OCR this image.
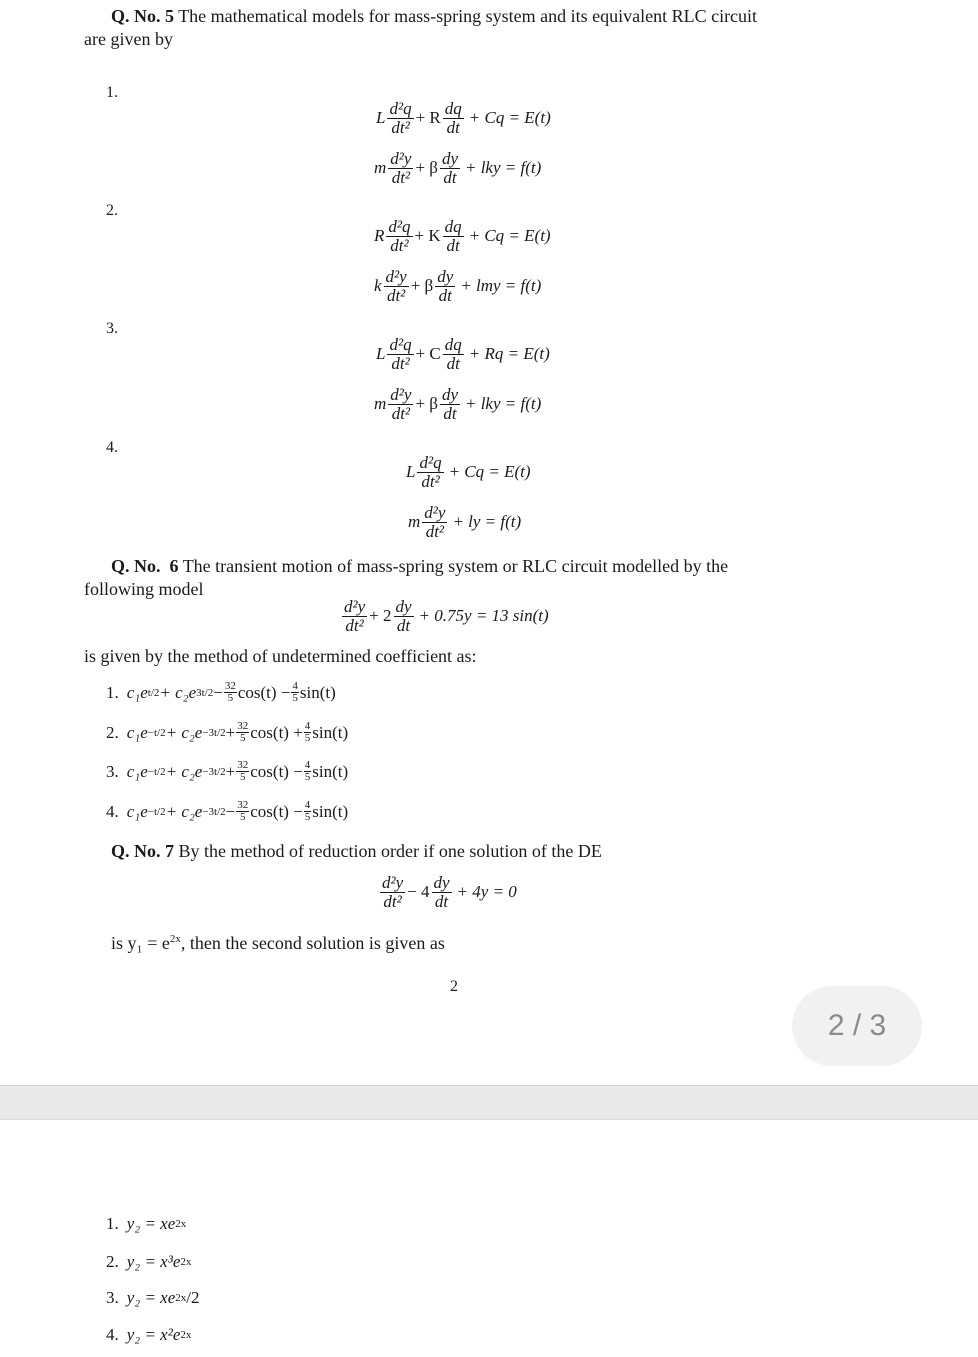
Q. No. 5 The mathematical models for mass-spring system and its equivalent RLC circuit
are given by
1.
L $\frac{\text{d²q}}{\text{dt²}} + R \frac{dq}{dt} + Cq = E(t)$
m $\frac{\text{d²y}}{\text{dt²}} + \beta \frac{dy}{dt}$ + lky = f(t)
2.
R $\frac{\text{d²q}}{\text{dt²}} + K \frac{dq}{dt} + Cq = E(t)$
k $\frac{\text{d²y}}{\text{dt²}} + \beta \frac{dy}{dt}$ + lmy = f(t)
3.
L $\frac{\text{d²q}}{\text{dt²}} + C \frac{dq}{dt} + Rq = E(t)$
m $\frac{\text{d²y}}{\text{dt²}} + \beta \frac{dy}{dt}$ + lky = f(t)
4.
L $\frac{\text{d²q}}{\text{dt²}} + Cq = E(t)$
m $\frac{\text{d²y}}{\text{dt²}}$ + ly = f(t)
Q. No. 6 The transient motion of mass-spring system or RLC circuit modelled by the
following model
$\frac{\text{d²y}}{\text{dt²}} + 2 \frac{dy}{dt} + 0.75y = 13$ sin(t)
is given by the method of undetermined coefficient as:
1. c₁e t/2 + c₂e $3t/2 - \frac{32}{5} \cos(t) - \frac{4}{5} \sin(t)$
2. $c_1e -t/2 + c_2e -3t/2 + \frac{32}{5} \cos(t) + \frac{4}{5} \sin(t)$
3. $c_1e -t/2 + c_2e -3t/2 + \frac{32}{5} \cos(t) - \frac{4}{5} \sin(t)$
4. $c_1e -t/2 + c_2e -3t/2 - \frac{32}{5} \cos(t) - \frac{4}{5} \sin(t)$
Q. No. 7 By the method of reduction order if one solution of the DE
$\frac{\text{d²y}}{\text{dt²}} - 4 \frac{dy}{dt} + 4y = 0$
is $y_1 = e^{2x}$, then the second solution is given as
2
2 / 3
1. y₂ = xe 2x
2. y₂ = x³e 2x
3. y₂ = xe 2x /2
4. y₂ = x²e 2x
